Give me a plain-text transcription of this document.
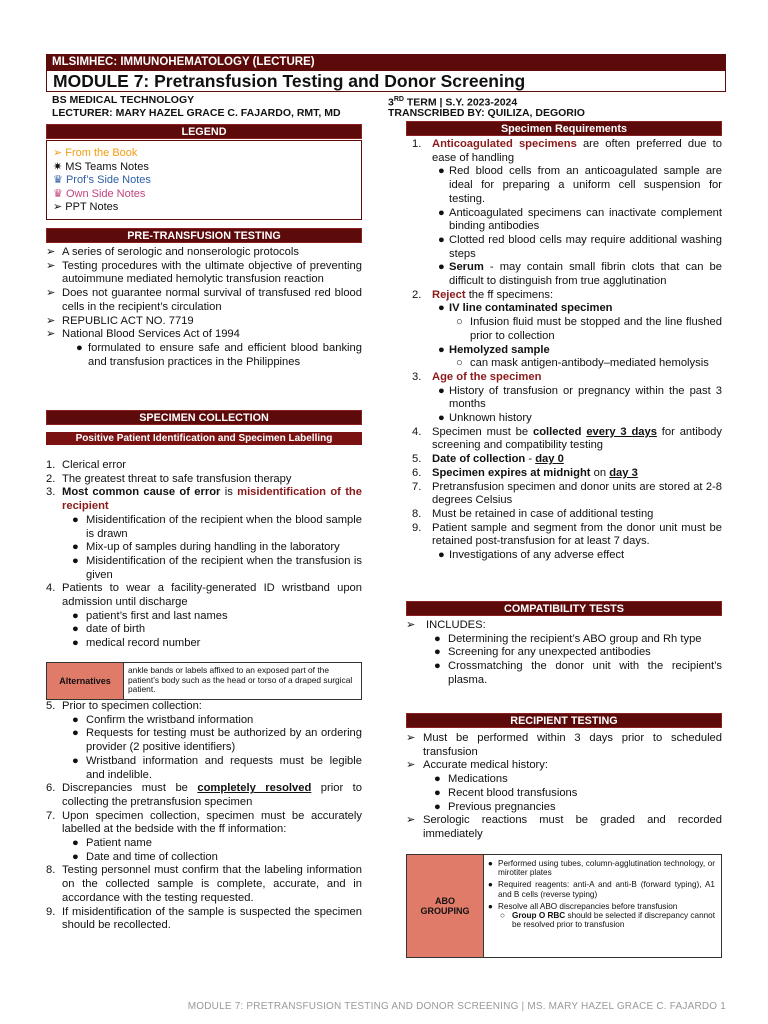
MLSIMHEC: IMMUNOHEMATOLOGY (LECTURE)
MODULE 7: Pretransfusion Testing and Donor Screening
BS MEDICAL TECHNOLOGY
LECTURER: MARY HAZEL GRACE C. FAJARDO, RMT, MD
3RD TERM | S.Y. 2023-2024
TRANSCRIBED BY: QUILIZA, DEGORIO
LEGEND
➢ From the Book
✷ MS Teams Notes
♛ Prof’s Side Notes
♛ Own Side Notes
➢ PPT Notes
PRE-TRANSFUSION TESTING
➢ A series of serologic and nonserologic protocols
➢ Testing procedures with the ultimate objective of preventing autoimmune mediated hemolytic transfusion reaction
➢ Does not guarantee normal survival of transfused red blood cells in the recipient’s circulation
➢ REPUBLIC ACT NO. 7719
➢ National Blood Services Act of 1994
● formulated to ensure safe and efficient blood banking and transfusion practices in the Philippines
SPECIMEN COLLECTION
Positive Patient Identification and Specimen Labelling
1. Clerical error
2. The greatest threat to safe transfusion therapy
3. Most common cause of error is misidentification of the recipient
● Misidentification of the recipient when the blood sample is drawn
● Mix-up of samples during handling in the laboratory
● Misidentification of the recipient when the transfusion is given
4. Patients to wear a facility-generated ID wristband upon admission until discharge
● patient’s first and last names
● date of birth
● medical record number
Alternatives
ankle bands or labels affixed to an exposed part of the patient’s body such as the head or torso of a draped surgical patient.
5. Prior to specimen collection:
● Confirm the wristband information
● Requests for testing must be authorized by an ordering provider (2 positive identifiers)
● Wristband information and requests must be legible and indelible.
6. Discrepancies must be completely resolved prior to collecting the pretransfusion specimen
7. Upon specimen collection, specimen must be accurately labelled at the bedside with the ff information:
● Patient name
● Date and time of collection
8. Testing personnel must confirm that the labeling information on the collected sample is complete, accurate, and in accordance with the testing requested.
9. If misidentification of the sample is suspected the specimen should be recollected.
Specimen Requirements
1. Anticoagulated specimens are often preferred due to ease of handling
● Red blood cells from an anticoagulated sample are ideal for preparing a uniform cell suspension for testing.
● Anticoagulated specimens can inactivate complement binding antibodies
● Clotted red blood cells may require additional washing steps
● Serum - may contain small fibrin clots that can be difficult to distinguish from true agglutination
2. Reject the ff specimens:
● IV line contaminated specimen
○ Infusion fluid must be stopped and the line flushed prior to collection
● Hemolyzed sample
○ can mask antigen-antibody–mediated hemolysis
3. Age of the specimen
● History of transfusion or pregnancy within the past 3 months
● Unknown history
4. Specimen must be collected every 3 days for antibody screening and compatibility testing
5. Date of collection - day 0
6. Specimen expires at midnight on day 3
7. Pretransfusion specimen and donor units are stored at 2-8 degrees Celsius
8. Must be retained in case of additional testing
9. Patient sample and segment from the donor unit must be retained post-transfusion for at least 7 days.
● Investigations of any adverse effect
COMPATIBILITY TESTS
➢ INCLUDES:
● Determining the recipient’s ABO group and Rh type
● Screening for any unexpected antibodies
● Crossmatching the donor unit with the recipient’s plasma.
RECIPIENT TESTING
➢ Must be performed within 3 days prior to scheduled transfusion
➢ Accurate medical history:
● Medications
● Recent blood transfusions
● Previous pregnancies
➢ Serologic reactions must be graded and recorded immediately
ABO
GROUPING
● Performed using tubes, column-agglutination technology, or mirotiter plates
● Required reagents: anti-A and anti-B (forward typing), A1 and B cells (reverse typing)
● Resolve all ABO discrepancies before transfusion
○ Group O RBC should be selected if discrepancy cannot be resolved prior to transfusion
MODULE 7: PRETRANSFUSION TESTING AND DONOR SCREENING | MS. MARY HAZEL GRACE C. FAJARDO 1
